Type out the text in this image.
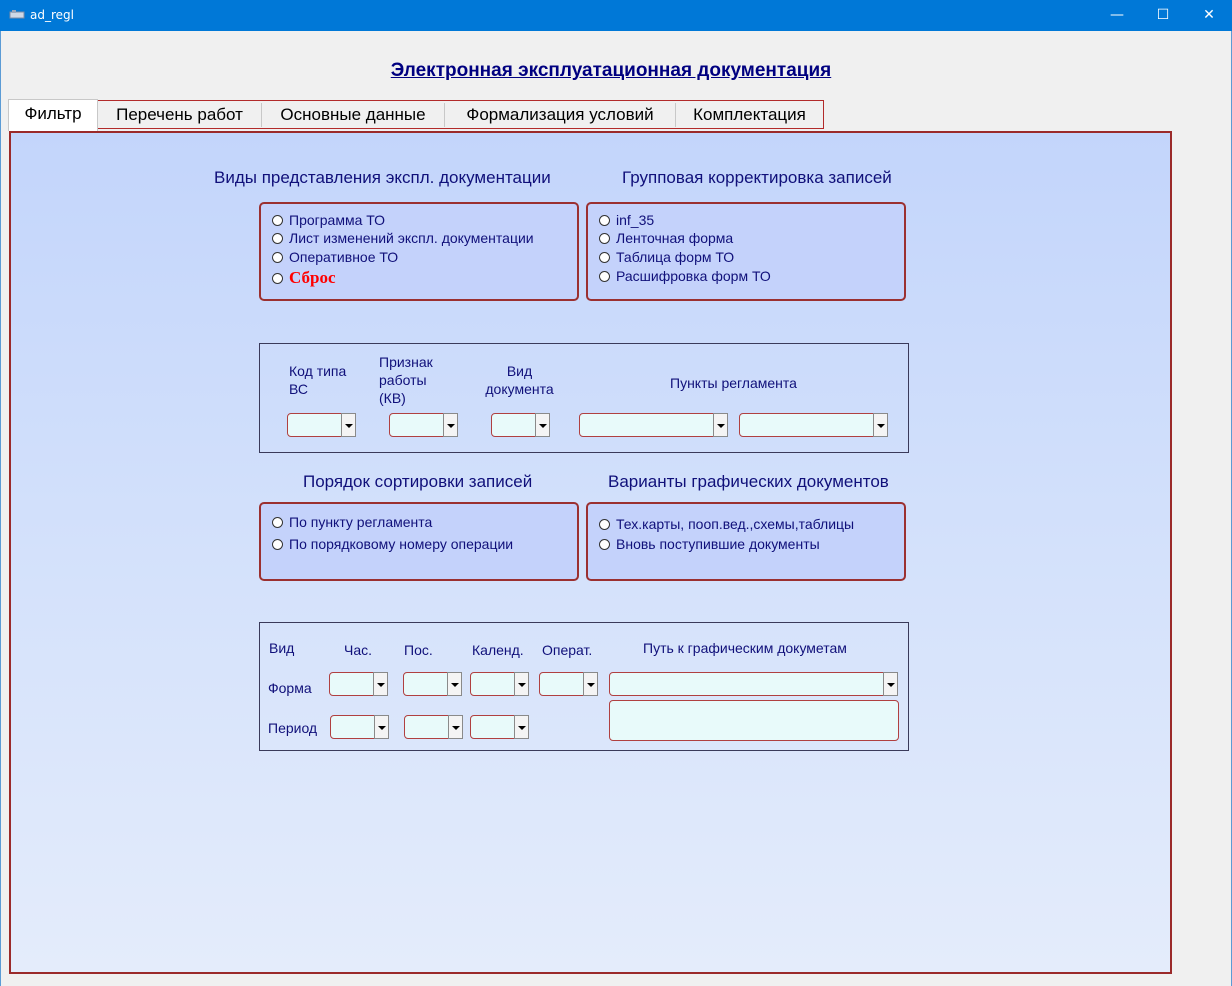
ad_regl	—	☐	✕
Электронная эксплуатационная документация
Фильтр	Перечень работ	Основные данные	Формализация условий	Комплектация
Виды представления экспл. документации
Программа ТО
Лист изменений экспл. документации
Оперативное ТО
Сброс
Групповая корректировка записей
inf_35
Ленточная форма
Таблица форм ТО
Расшифровка форм ТО
Код типа ВС
Признак работы (КВ)
Вид документа	Пункты регламента
Порядок сортировки записей
По пункту регламента
По порядковому номеру операции
Варианты графических документов
Тех.карты, пооп.вед.,схемы,таблицы
Вновь поступившие документы
Вид	Час. Пос.	Календ. Операт.	Путь к графическим докуметам
Форма
Период
